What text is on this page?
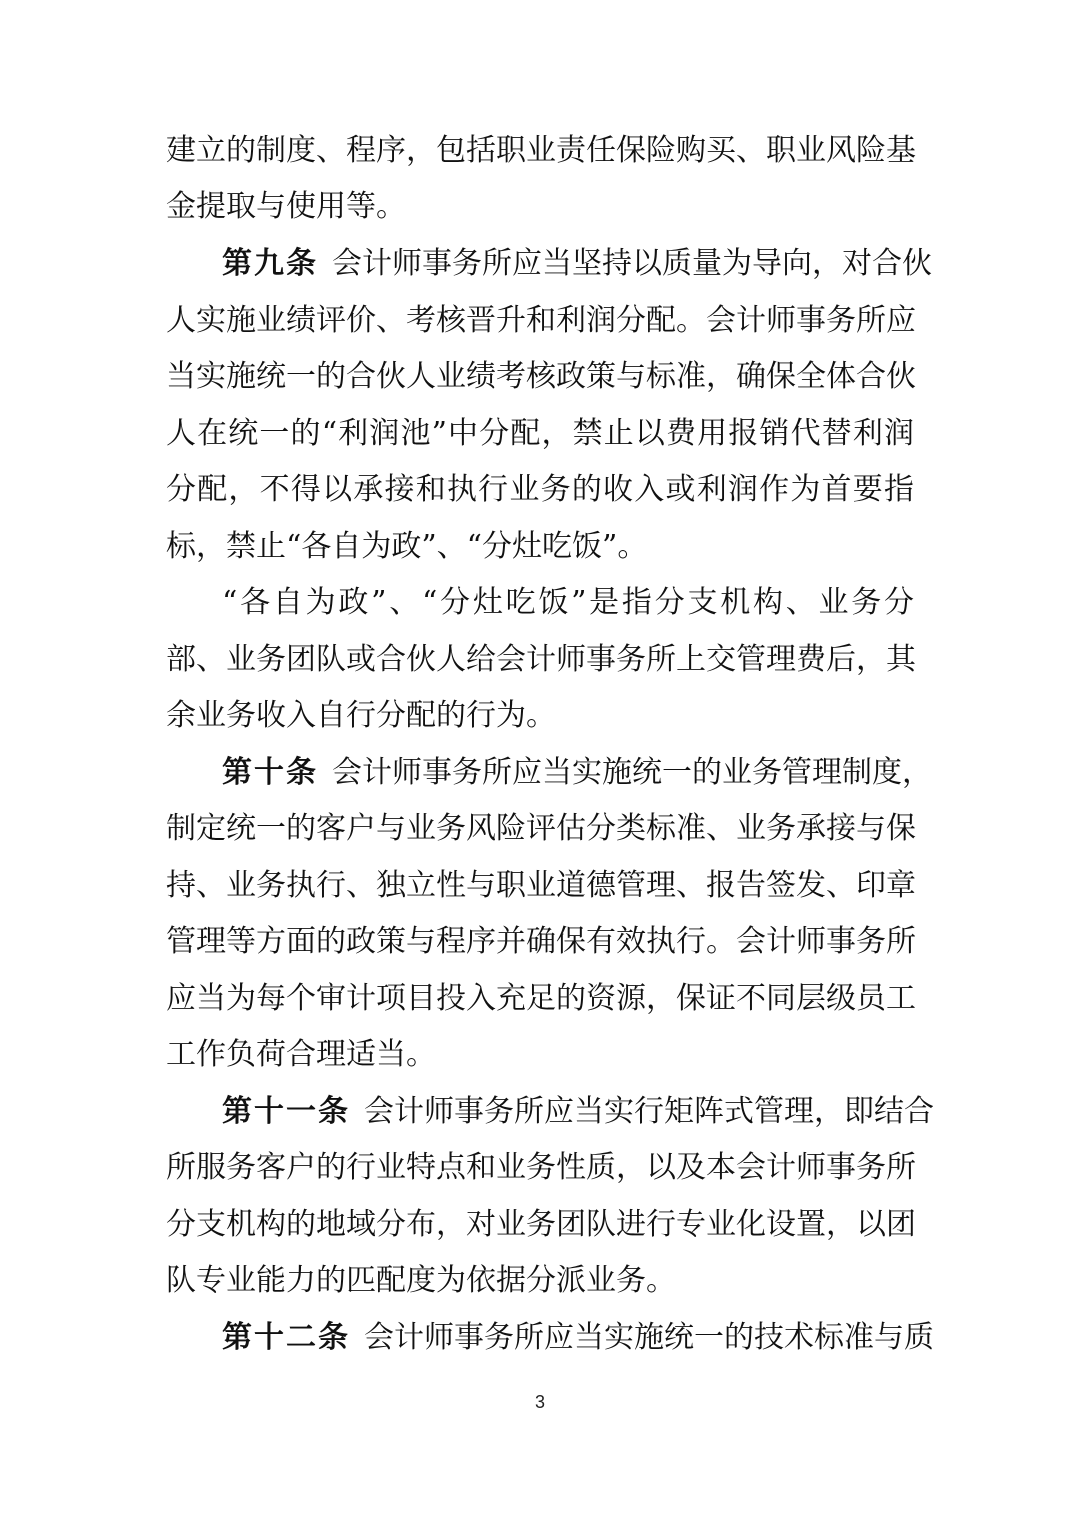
建立的制度、程序，包括职业责任保险购买、职业风险基
金提取与使用等。
第九条 会计师事务所应当坚持以质量为导向，对合伙
人实施业绩评价、考核晋升和利润分配。会计师事务所应
当实施统一的合伙人业绩考核政策与标准，确保全体合伙
人在统一的“利润池”中分配，禁止以费用报销代替利润
分配，不得以承接和执行业务的收入或利润作为首要指
标，禁止“各自为政”、“分灶吃饭”。
“各自为政”、“分灶吃饭”是指分支机构、业务分
部、业务团队或合伙人给会计师事务所上交管理费后，其
余业务收入自行分配的行为。
第十条 会计师事务所应当实施统一的业务管理制度，
制定统一的客户与业务风险评估分类标准、业务承接与保
持、业务执行、独立性与职业道德管理、报告签发、印章
管理等方面的政策与程序并确保有效执行。会计师事务所
应当为每个审计项目投入充足的资源，保证不同层级员工
工作负荷合理适当。
第十一条 会计师事务所应当实行矩阵式管理，即结合
所服务客户的行业特点和业务性质，以及本会计师事务所
分支机构的地域分布，对业务团队进行专业化设置，以团
队专业能力的匹配度为依据分派业务。
第十二条 会计师事务所应当实施统一的技术标准与质
3
